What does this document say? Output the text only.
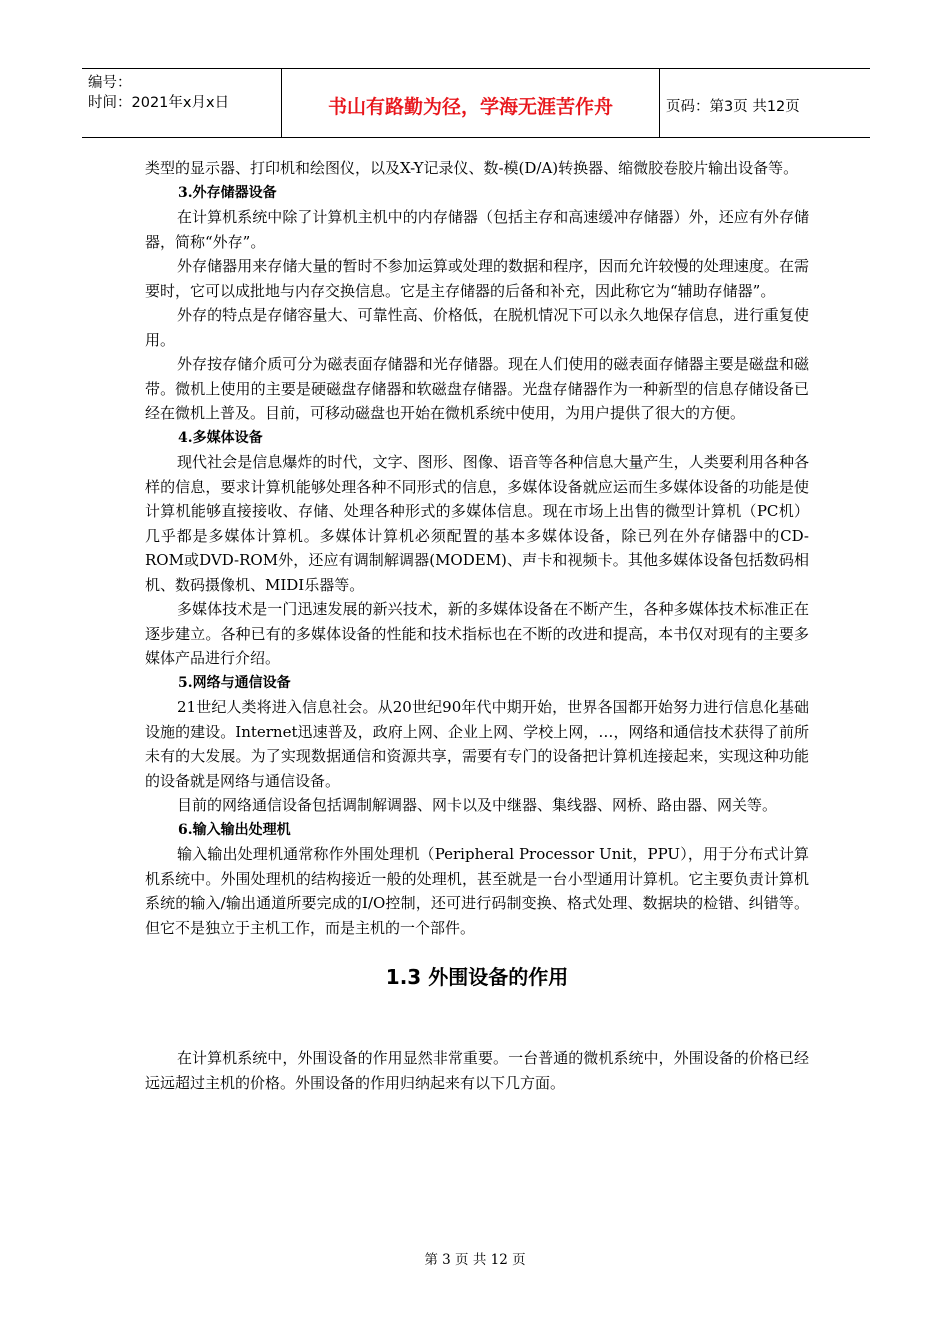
编号：
时间：2021年x月x日	书山有路勤为径，学海无涯苦作舟	页码：第3页 共12页

类型的显示器、打印机和绘图仪，以及X-Y记录仪、数-模(D/A)转换器、缩微胶卷胶片输出设备等。

3.外存储器设备

在计算机系统中除了计算机主机中的内存储器（包括主存和高速缓冲存储器）外，还应有外存储器，简称“外存”。

外存储器用来存储大量的暂时不参加运算或处理的数据和程序，因而允许较慢的处理速度。在需要时，它可以成批地与内存交换信息。它是主存储器的后备和补充，因此称它为“辅助存储器”。

外存的特点是存储容量大、可靠性高、价格低，在脱机情况下可以永久地保存信息，进行重复使用。

外存按存储介质可分为磁表面存储器和光存储器。现在人们使用的磁表面存储器主要是磁盘和磁带。微机上使用的主要是硬磁盘存储器和软磁盘存储器。光盘存储器作为一种新型的信息存储设备已经在微机上普及。目前，可移动磁盘也开始在微机系统中使用，为用户提供了很大的方便。

4.多媒体设备

现代社会是信息爆炸的时代，文字、图形、图像、语音等各种信息大量产生，人类要利用各种各样的信息，要求计算机能够处理各种不同形式的信息，多媒体设备就应运而生多媒体设备的功能是使计算机能够直接接收、存储、处理各种形式的多媒体信息。现在市场上出售的微型计算机（PC机）几乎都是多媒体计算机。多媒体计算机必须配置的基本多媒体设备，除已列在外存储器中的CD-ROM或DVD-ROM外，还应有调制解调器(MODEM)、声卡和视频卡。其他多媒体设备包括数码相机、数码摄像机、MIDI乐器等。

多媒体技术是一门迅速发展的新兴技术，新的多媒体设备在不断产生，各种多媒体技术标准正在逐步建立。各种已有的多媒体设备的性能和技术指标也在不断的改进和提高，本书仅对现有的主要多媒体产品进行介绍。

5.网络与通信设备

21世纪人类将进入信息社会。从20世纪90年代中期开始，世界各国都开始努力进行信息化基础设施的建设。Internet迅速普及，政府上网、企业上网、学校上网，…，网络和通信技术获得了前所未有的大发展。为了实现数据通信和资源共享，需要有专门的设备把计算机连接起来，实现这种功能的设备就是网络与通信设备。

目前的网络通信设备包括调制解调器、网卡以及中继器、集线器、网桥、路由器、网关等。

6.输入输出处理机

输入输出处理机通常称作外围处理机（Peripheral Processor Unit，PPU），用于分布式计算机系统中。外围处理机的结构接近一般的处理机，甚至就是一台小型通用计算机。它主要负责计算机系统的输入/输出通道所要完成的I/O控制，还可进行码制变换、格式处理、数据块的检错、纠错等。但它不是独立于主机工作，而是主机的一个部件。

1.3 外围设备的作用

在计算机系统中，外围设备的作用显然非常重要。一台普通的微机系统中，外围设备的价格已经远远超过主机的价格。外围设备的作用归纳起来有以下几方面。

第 3 页 共 12 页
